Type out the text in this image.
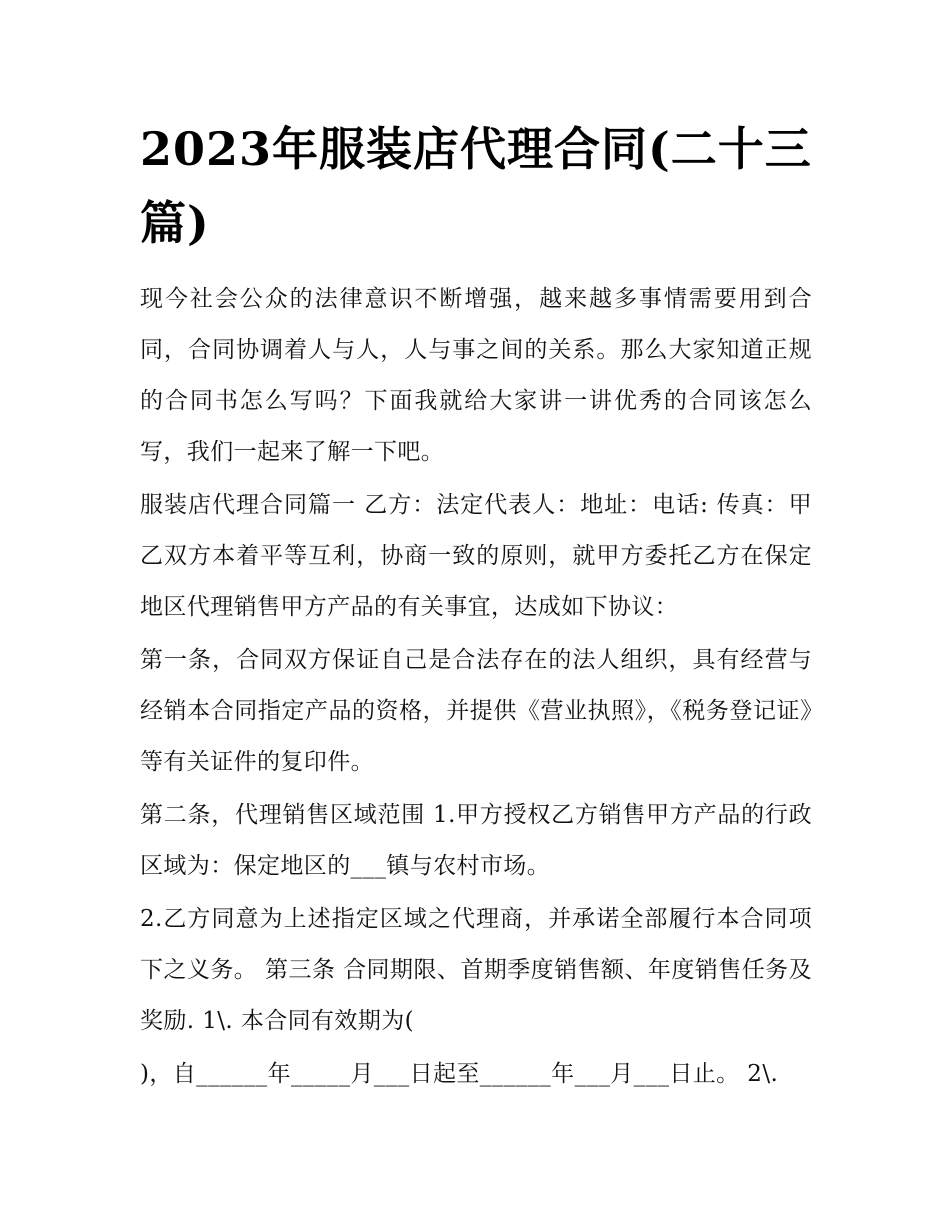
2023年服装店代理合同(二十三篇)

现今社会公众的法律意识不断增强，越来越多事情需要用到合同，合同协调着人与人，人与事之间的关系。那么大家知道正规的合同书怎么写吗？下面我就给大家讲一讲优秀的合同该怎么写，我们一起来了解一下吧。

服装店代理合同篇一 乙方：法定代表人：地址：电话: 传真：甲乙双方本着平等互利，协商一致的原则，就甲方委托乙方在保定地区代理销售甲方产品的有关事宜，达成如下协议：

第一条，合同双方保证自己是合法存在的法人组织，具有经营与经销本合同指定产品的资格，并提供《营业执照》，《税务登记证》等有关证件的复印件。

第二条，代理销售区域范围 1.甲方授权乙方销售甲方产品的行政区域为：保定地区的___镇与农村市场。

2.乙方同意为上述指定区域之代理商，并承诺全部履行本合同项下之义务。 第三条 合同期限、首期季度销售额、年度销售任务及奖励. 1\. 本合同有效期为(

)，自______年_____月___日起至______年___月___日止。 2\.
